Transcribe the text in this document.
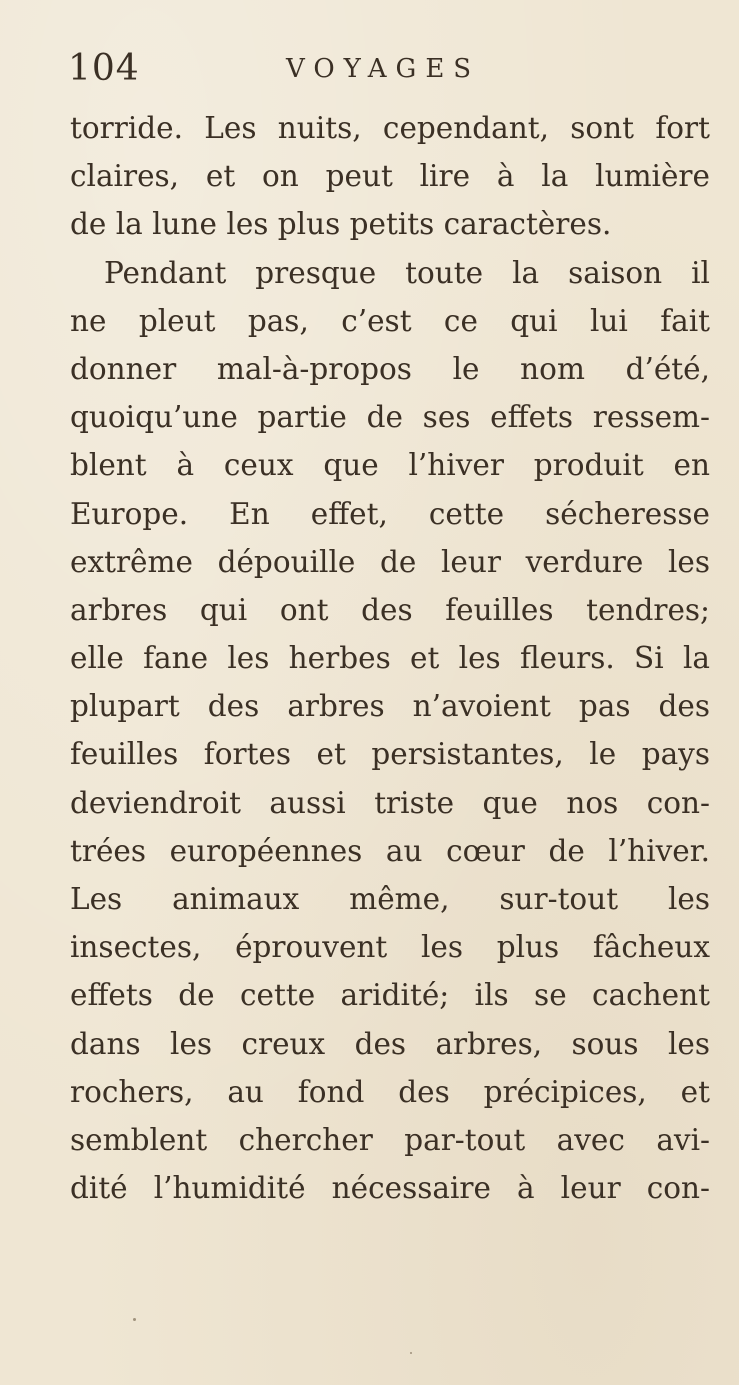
104	VOYAGES
torride. Les nuits, cependant, sont fort
claires, et on peut lire à la lumière
de la lune les plus petits caractères.
Pendant presque toute la saison il
ne pleut pas, c’est ce qui lui fait
donner mal-à-propos le nom d’été,
quoiqu’une partie de ses effets ressem-
blent à ceux que l’hiver produit en
Europe. En effet, cette sécheresse
extrême dépouille de leur verdure les
arbres qui ont des feuilles tendres;
elle fane les herbes et les fleurs. Si la
plupart des arbres n’avoient pas des
feuilles fortes et persistantes, le pays
deviendroit aussi triste que nos con-
trées européennes au cœur de l’hiver.
Les animaux même, sur-tout les
insectes, éprouvent les plus fâcheux
effets de cette aridité; ils se cachent
dans les creux des arbres, sous les
rochers, au fond des précipices, et
semblent chercher par-tout avec avi-
dité l’humidité nécessaire à leur con-
